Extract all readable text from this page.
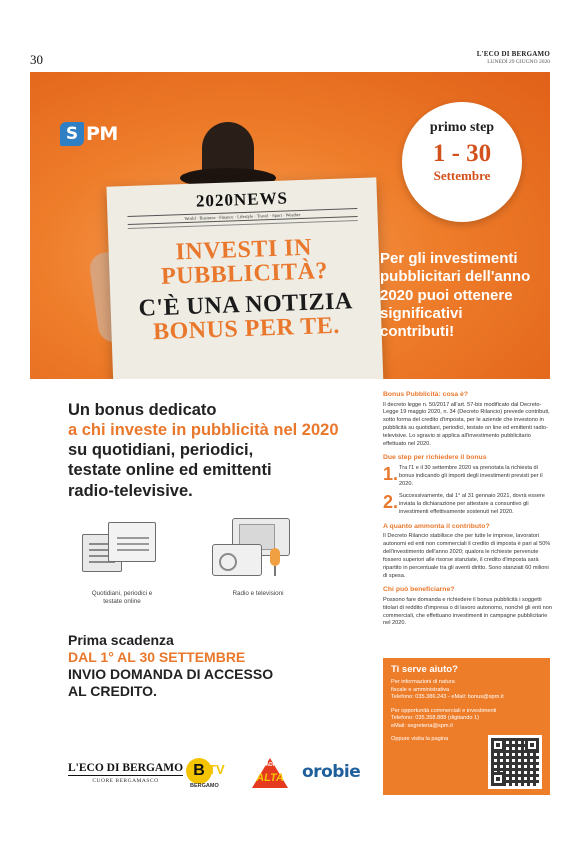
30	L'ECO DI BERGAMO
LUNEDÌ 29 GIUGNO 2020
S PM
2020NEWS
World · Business · Finance · Lifestyle · Travel · Sport · Weather
INVESTI IN
PUBBLICITÀ?
C'È UNA NOTIZIA
BONUS PER TE.
primo step
1 - 30
Settembre
Per gli investimenti pubblicitari dell'anno 2020 puoi ottenere significativi contributi!
Un bonus dedicato
a chi investe in pubblicità nel 2020
su quotidiani, periodici,
testate online ed emittenti
radio-televisive.
Quotidiani, periodici e testate online
Radio e televisioni
Prima scadenza
DAL 1° AL 30 SETTEMBRE
INVIO DOMANDA DI ACCESSO
AL CREDITO.
Bonus Pubblicità: cosa è?

Il decreto legge n. 50/2017 all'art. 57-bis modificato dal Decreto-Legge 19 maggio 2020, n. 34 (Decreto Rilancio) prevede contributi, sotto forma del credito d'imposta, per le aziende che investono in pubblicità su quotidiani, periodici, testate on line ed emittenti radio-televisive. Lo sgravio si applica all'investimento pubblicitario effettuato nel 2020.

Due step per richiedere il bonus
1. Tra l'1 e il 30 settembre 2020 va prenotata la richiesta di bonus indicando gli importi degli investimenti previsti per il 2020.
2. Successivamente, dal 1° al 31 gennaio 2021, dovrà essere inviata la dichiarazione per attestare a consuntivo gli investimenti effettivamente sostenuti nel 2020.
A quanto ammonta il contributo?

Il Decreto Rilancio stabilisce che per tutte le imprese, lavoratori autonomi ed enti non commerciali il credito di imposta è pari al 50% dell'investimento dell'anno 2020; qualora le richieste pervenute fossero superiori alle risorse stanziate, il credito d'imposta sarà ripartito in percentuale tra gli aventi diritto. Sono stanziati 60 milioni di spesa.

Chi può beneficiarne?

Possono fare domanda e richiedere il bonus pubblicità i soggetti titolari di reddito d'impresa o di lavoro autonomo, nonché gli enti non commerciali, che effettuano investimenti in campagne pubblicitarie nel 2020.

Ti serve aiuto?
Per informazioni di natura
fiscale e amministrativa
Telefono: 035.386.243 - eMail: bonus@spm.it
Per opportunità commerciali e investimenti
Telefono: 035.358.888 (digitando 1)
eMail: segreteria@spm.it
Oppure visita la pagina
L'ECO DI BERGAMO
CUORE BERGAMASCO
B TV
BERGAMO
RADIO
ALTA	orobie
